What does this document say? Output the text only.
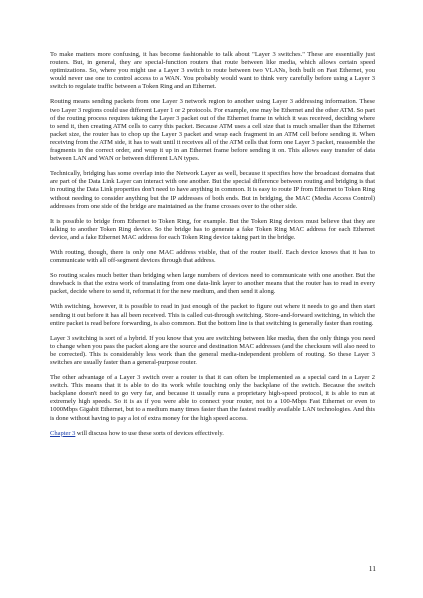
To make matters more confusing, it has become fashionable to talk about "Layer 3 switches." These are essentially just routers. But, in general, they are special-function routers that route between like media, which allows certain speed optimizations. So, where you might use a Layer 3 switch to route between two VLANs, both built on Fast Ethernet, you would never use one to control access to a WAN. You probably would want to think very carefully before using a Layer 3 switch to regulate traffic between a Token Ring and an Ethernet.

Routing means sending packets from one Layer 3 network region to another using Layer 3 addressing information. These two Layer 3 regions could use different Layer 1 or 2 protocols. For example, one may be Ethernet and the other ATM. So part of the routing process requires taking the Layer 3 packet out of the Ethernet frame in which it was received, deciding where to send it, then creating ATM cells to carry this packet. Because ATM uses a cell size that is much smaller than the Ethernet packet size, the router has to chop up the Layer 3 packet and wrap each fragment in an ATM cell before sending it. When receiving from the ATM side, it has to wait until it receives all of the ATM cells that form one Layer 3 packet, reassemble the fragments in the correct order, and wrap it up in an Ethernet frame before sending it on. This allows easy transfer of data between LAN and WAN or between different LAN types.

Technically, bridging has some overlap into the Network Layer as well, because it specifies how the broadcast domains that are part of the Data Link Layer can interact with one another. But the special difference between routing and bridging is that in routing the Data Link properties don't need to have anything in common. It is easy to route IP from Ethernet to Token Ring without needing to consider anything but the IP addresses of both ends. But in bridging, the MAC (Media Access Control) addresses from one side of the bridge are maintained as the frame crosses over to the other side.

It is possible to bridge from Ethernet to Token Ring, for example. But the Token Ring devices must believe that they are talking to another Token Ring device. So the bridge has to generate a fake Token Ring MAC address for each Ethernet device, and a fake Ethernet MAC address for each Token Ring device taking part in the bridge.

With routing, though, there is only one MAC address visible, that of the router itself. Each device knows that it has to communicate with all off-segment devices through that address.

So routing scales much better than bridging when large numbers of devices need to communicate with one another. But the drawback is that the extra work of translating from one data-link layer to another means that the router has to read in every packet, decide where to send it, reformat it for the new medium, and then send it along.

With switching, however, it is possible to read in just enough of the packet to figure out where it needs to go and then start sending it out before it has all been received. This is called cut-through switching. Store-and-forward switching, in which the entire packet is read before forwarding, is also common. But the bottom line is that switching is generally faster than routing.

Layer 3 switching is sort of a hybrid. If you know that you are switching between like media, then the only things you need to change when you pass the packet along are the source and destination MAC addresses (and the checksum will also need to be corrected). This is considerably less work than the general media-independent problem of routing. So these Layer 3 switches are usually faster than a general-purpose router.

The other advantage of a Layer 3 switch over a router is that it can often be implemented as a special card in a Layer 2 switch. This means that it is able to do its work while touching only the backplane of the switch. Because the switch backplane doesn't need to go very far, and because it usually runs a proprietary high-speed protocol, it is able to run at extremely high speeds. So it is as if you were able to connect your router, not to a 100-Mbps Fast Ethernet or even to 1000Mbps Gigabit Ethernet, but to a medium many times faster than the fastest readily available LAN technologies. And this is done without having to pay a lot of extra money for the high speed access.

Chapter 3 will discuss how to use these sorts of devices effectively.

11
